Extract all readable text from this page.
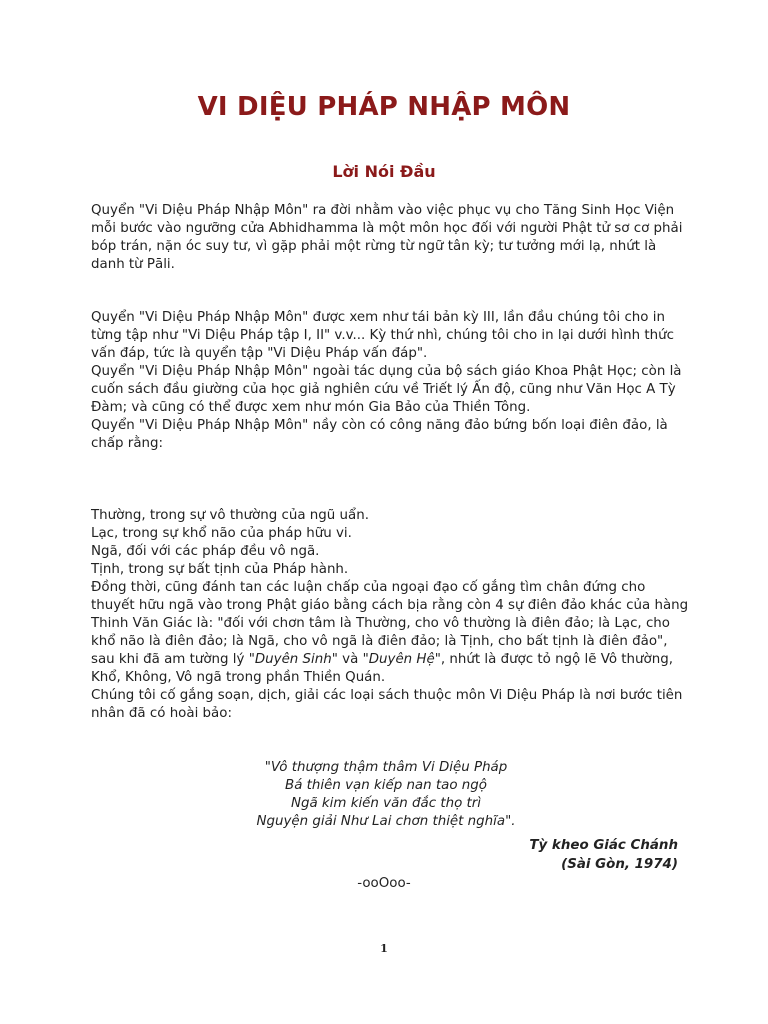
VI DIỆU PHÁP NHẬP MÔN
Lời Nói Đầu

Quyển "Vi Diệu Pháp Nhập Môn" ra đời nhằm vào việc phục vụ cho Tăng Sinh Học Viện mỗi bước vào ngưỡng cửa Abhidhamma là một môn học đối với người Phật tử sơ cơ phải bóp trán, nặn óc suy tư, vì gặp phải một rừng từ ngữ tân kỳ; tư tưởng mới lạ, nhứt là danh từ Pāli.

Quyển "Vi Diệu Pháp Nhập Môn" được xem như tái bản kỳ III, lần đầu chúng tôi cho in từng tập như "Vi Diệu Pháp tập I, II" v.v... Kỳ thứ nhì, chúng tôi cho in lại dưới hình thức vấn đáp, tức là quyển tập "Vi Diệu Pháp vấn đáp".

Quyển "Vi Diệu Pháp Nhập Môn" ngoài tác dụng của bộ sách giáo Khoa Phật Học; còn là cuốn sách đầu giường của học giả nghiên cứu về Triết lý Ấn độ, cũng như Văn Học A Tỳ Đàm; và cũng có thể được xem như món Gia Bảo của Thiền Tông.

Quyển "Vi Diệu Pháp Nhập Môn" nầy còn có công năng đảo bứng bốn loại điên đảo, là chấp rằng:

Thường, trong sự vô thường của ngũ uẩn.

Lạc, trong sự khổ não của pháp hữu vi.

Ngã, đối với các pháp đều vô ngã.

Tịnh, trong sự bất tịnh của Pháp hành.

Đồng thời, cũng đánh tan các luận chấp của ngoại đạo cố gắng tìm chân đứng cho thuyết hữu ngã vào trong Phật giáo bằng cách bịa rằng còn 4 sự điên đảo khác của hàng Thinh Văn Giác là: "đối với chơn tâm là Thường, cho vô thường là điên đảo; là Lạc, cho khổ não là điên đảo; là Ngã, cho vô ngã là điên đảo; là Tịnh, cho bất tịnh là điên đảo", sau khi đã am tường lý "Duyên Sinh" và "Duyên Hệ", nhứt là được tỏ ngộ lẽ Vô thường, Khổ, Không, Vô ngã trong phần Thiền Quán.

Chúng tôi cố gắng soạn, dịch, giải các loại sách thuộc môn Vi Diệu Pháp là nơi bước tiên nhân đã có hoài bảo:

"Vô thượng thậm thâm Vi Diệu Pháp

Bá thiên vạn kiếp nan tao ngộ

Ngã kim kiến văn đắc thọ trì

Nguyện giải Như Lai chơn thiệt nghĩa".

Tỳ kheo Giác Chánh

(Sài Gòn, 1974)

-ooOoo-
1
